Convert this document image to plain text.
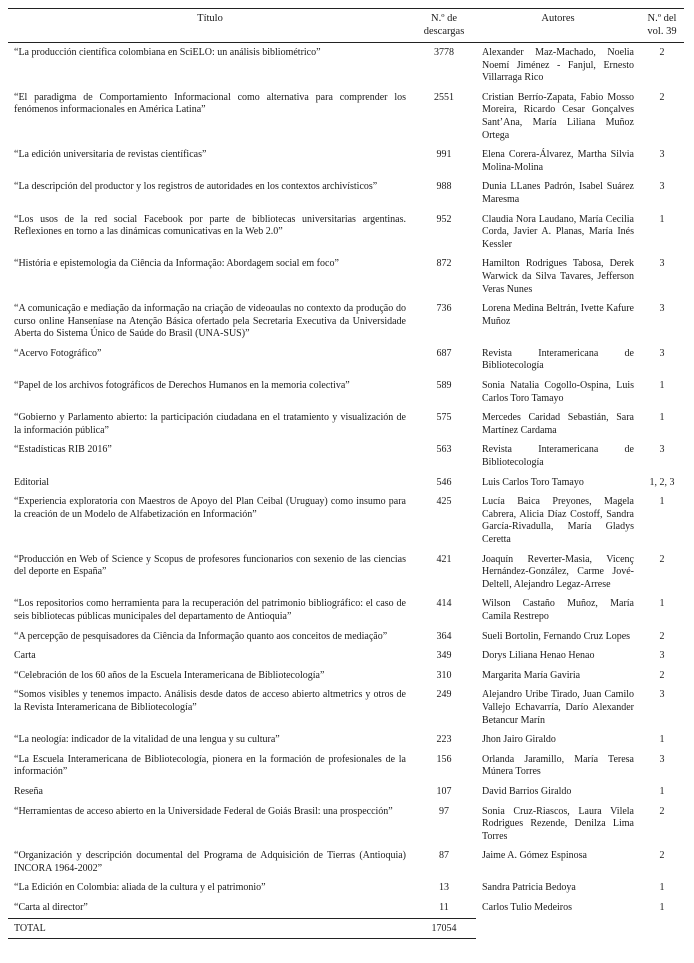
Título	N.º de descargas	Autores	N.º del vol. 39
“La producción científica colombiana en SciELO: un análisis bibliométrico”	3778	Alexander Maz-Machado, Noelia Noemí Jiménez - Fanjul, Ernesto Villarraga Rico	2
“El paradigma de Comportamiento Informacional como alternativa para comprender los fenómenos informacionales en América Latina”	2551	Cristian Berrío-Zapata, Fabio Mosso Moreira, Ricardo Cesar Gonçalves Sant’Ana, María Liliana Muñoz Ortega	2
“La edición universitaria de revistas científicas”	991	Elena Corera-Álvarez, Martha Silvia Molina-Molina	3
“La descripción del productor y los registros de autoridades en los contextos archivísticos”	988	Dunia LLanes Padrón, Isabel Suárez Maresma	3
“Los usos de la red social Facebook por parte de bibliotecas universitarias argentinas. Reflexiones en torno a las dinámicas comunicativas en la Web 2.0”	952	Claudia Nora Laudano, María Cecilia Corda, Javier A. Planas, María Inés Kessler	1
“História e epistemologia da Ciência da Informação: Abordagem social em foco”	872	Hamilton Rodrigues Tabosa, Derek Warwick da Silva Tavares, Jefferson Veras Nunes	3
“A comunicação e mediação da informação na criação de videoaulas no contexto da produção do curso online Hanseníase na Atenção Básica ofertado pela Secretaria Executiva da Universidade Aberta do Sistema Único de Saúde do Brasil (UNA-SUS)”	736	Lorena Medina Beltrán, Ivette Kafure Muñoz	3
“Acervo Fotográfico”	687	Revista Interamericana de Bibliotecología	3
“Papel de los archivos fotográficos de Derechos Humanos en la memoria colectiva”	589	Sonia Natalia Cogollo-Ospina, Luis Carlos Toro Tamayo	1
“Gobierno y Parlamento abierto: la participación ciudadana en el tratamiento y visualización de la información pública”	575	Mercedes Caridad Sebastián, Sara Martínez Cardama	1
“Estadísticas RIB 2016”	563	Revista Interamericana de Bibliotecología	3
Editorial	546	Luis Carlos Toro Tamayo	1, 2, 3
“Experiencia exploratoria con Maestros de Apoyo del Plan Ceibal (Uruguay) como insumo para la creación de un Modelo de Alfabetización en Información”	425	Lucía Baica Preyones, Magela Cabrera, Alicia Díaz Costoff, Sandra García-Rivadulla, María Gladys Ceretta	1
“Producción en Web of Science y Scopus de profesores funcionarios con sexenio de las ciencias del deporte en España”	421	Joaquín Reverter-Masia, Vicenç Hernández-González, Carme Jové-Deltell, Alejandro Legaz-Arrese	2
“Los repositorios como herramienta para la recuperación del patrimonio bibliográfico: el caso de seis bibliotecas públicas municipales del departamento de Antioquia”	414	Wilson Castaño Muñoz, María Camila Restrepo	1
“A percepção de pesquisadores da Ciência da Informação quanto aos conceitos de mediação”	364	Sueli Bortolin, Fernando Cruz Lopes	2
Carta	349	Dorys Liliana Henao Henao	3
“Celebración de los 60 años de la Escuela Interamericana de Bibliotecología”	310	Margarita María Gaviria	2
“Somos visibles y tenemos impacto. Análisis desde datos de acceso abierto altmetrics y otros de la Revista Interamericana de Bibliotecología”	249	Alejandro Uribe Tirado, Juan Camilo Vallejo Echavarría, Darío Alexander Betancur Marín	3
“La neología: indicador de la vitalidad de una lengua y su cultura”	223	Jhon Jairo Giraldo	1
“La Escuela Interamericana de Bibliotecología, pionera en la formación de profesionales de la información”	156	Orlanda Jaramillo, María Teresa Múnera Torres	3
Reseña	107	David Barrios Giraldo	1
“Herramientas de acceso abierto en la Universidade Federal de Goiás Brasil: una prospección”	97	Sonia Cruz-Riascos, Laura Vilela Rodrigues Rezende, Denilza Lima Torres	2
“Organización y descripción documental del Programa de Adquisición de Tierras (Antioquia) INCORA 1964-2002”	87	Jaime A. Gómez Espinosa	2
“La Edición en Colombia: aliada de la cultura y el patrimonio”	13	Sandra Patricia Bedoya	1
“Carta al director”	11	Carlos Tulio Medeiros	1
TOTAL	17054		
